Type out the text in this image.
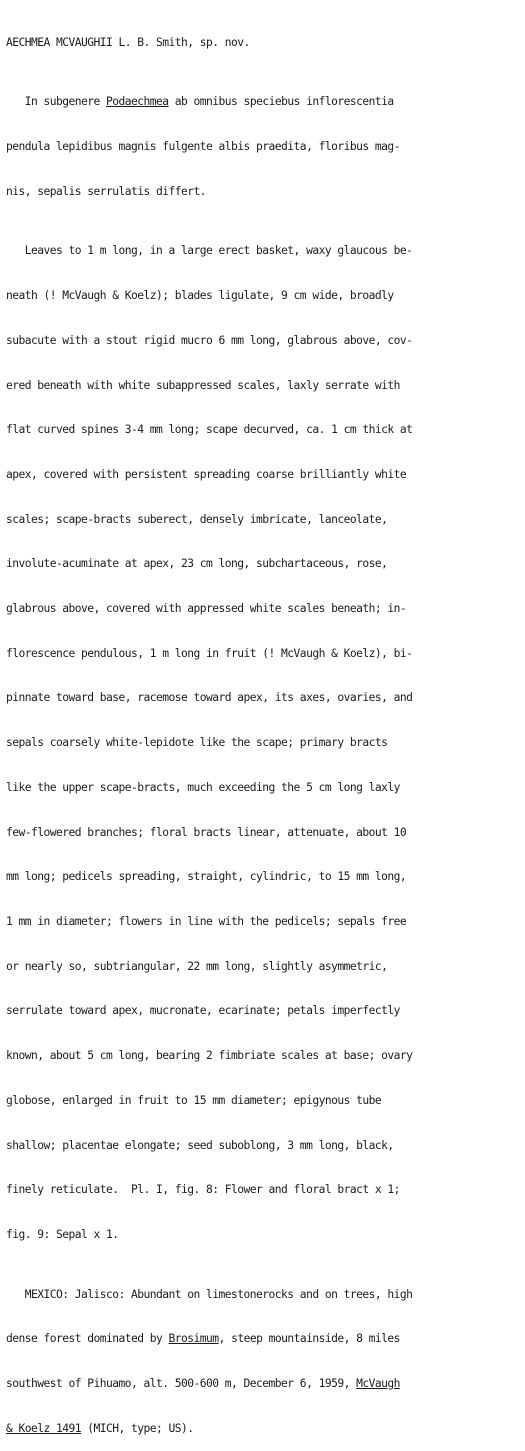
AECHMEA MCVAUGHII L. B. Smith, sp. nov.

In subgenere Podaechmea ab omnibus speciebus inflorescentia

pendula lepidibus magnis fulgente albis praedita, floribus mag-

nis, sepalis serrulatis differt.

Leaves to 1 m long, in a large erect basket, waxy glaucous be-

neath (! McVaugh & Koelz); blades ligulate, 9 cm wide, broadly

subacute with a stout rigid mucro 6 mm long, glabrous above, cov-

ered beneath with white subappressed scales, laxly serrate with

flat curved spines 3-4 mm long; scape decurved, ca. 1 cm thick at

apex, covered with persistent spreading coarse brilliantly white

scales; scape-bracts suberect, densely imbricate, lanceolate,

involute-acuminate at apex, 23 cm long, subchartaceous, rose,

glabrous above, covered with appressed white scales beneath; in-

florescence pendulous, 1 m long in fruit (! McVaugh & Koelz), bi-

pinnate toward base, racemose toward apex, its axes, ovaries, and

sepals coarsely white-lepidote like the scape; primary bracts

like the upper scape-bracts, much exceeding the 5 cm long laxly

few-flowered branches; floral bracts linear, attenuate, about 10

mm long; pedicels spreading, straight, cylindric, to 15 mm long,

1 mm in diameter; flowers in line with the pedicels; sepals free

or nearly so, subtriangular, 22 mm long, slightly asymmetric,

serrulate toward apex, mucronate, ecarinate; petals imperfectly

known, about 5 cm long, bearing 2 fimbriate scales at base; ovary

globose, enlarged in fruit to 15 mm diameter; epigynous tube

shallow; placentae elongate; seed suboblong, 3 mm long, black,

finely reticulate.  Pl. I, fig. 8: Flower and floral bract x 1;

fig. 9: Sepal x 1.

MEXICO: Jalisco: Abundant on limestonerocks and on trees, high

dense forest dominated by Brosimum, steep mountainside, 8 miles

southwest of Pihuamo, alt. 500-600 m, December 6, 1959, McVaugh

& Koelz 1491 (MICH, type; US).
